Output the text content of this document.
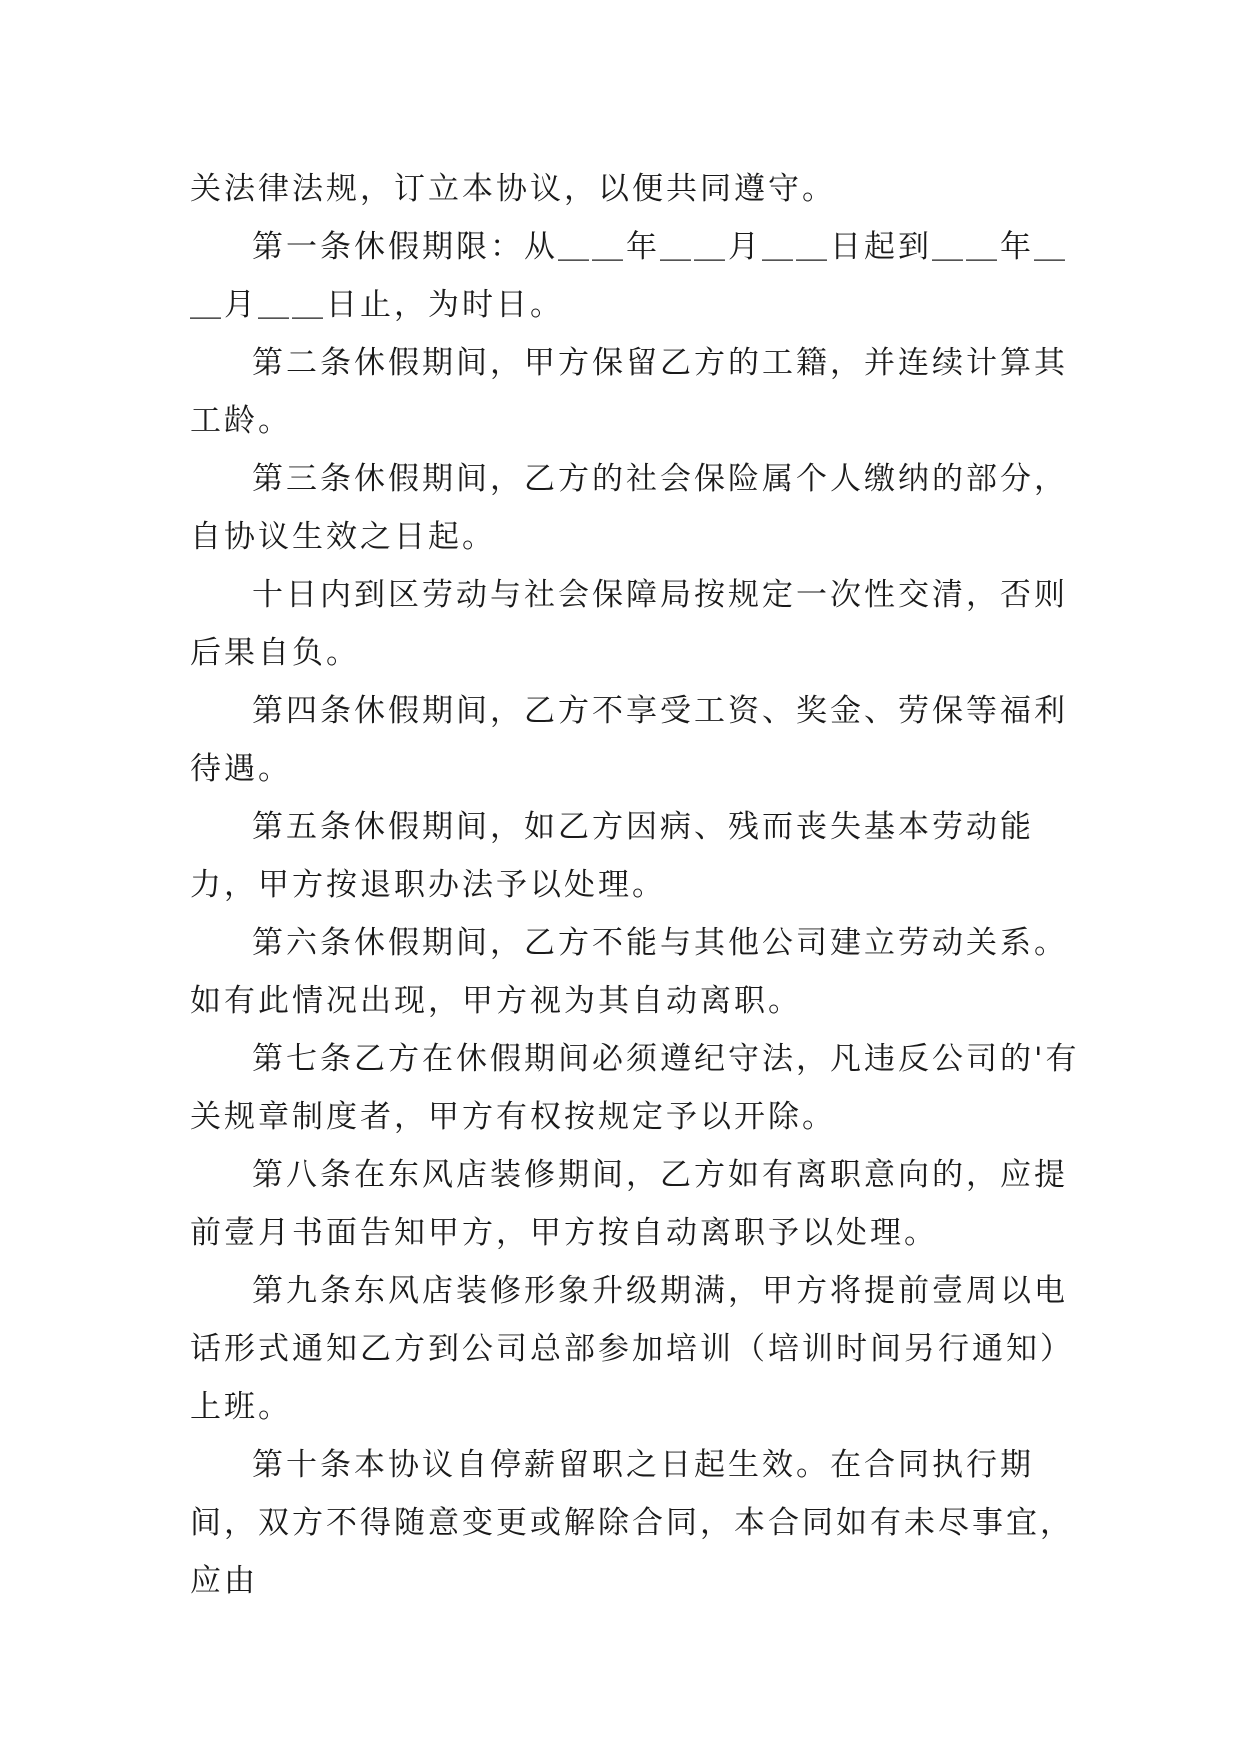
关法律法规，订立本协议，以便共同遵守。

第一条休假期限：从＿＿年＿＿月＿＿日起到＿＿年＿＿月＿＿日止，为时日。

第二条休假期间，甲方保留乙方的工籍，并连续计算其工龄。

第三条休假期间，乙方的社会保险属个人缴纳的部分，自协议生效之日起。

十日内到区劳动与社会保障局按规定一次性交清，否则后果自负。

第四条休假期间，乙方不享受工资、奖金、劳保等福利待遇。

第五条休假期间，如乙方因病、残而丧失基本劳动能力，甲方按退职办法予以处理。

第六条休假期间，乙方不能与其他公司建立劳动关系。如有此情况出现，甲方视为其自动离职。

第七条乙方在休假期间必须遵纪守法，凡违反公司的'有关规章制度者，甲方有权按规定予以开除。

第八条在东风店装修期间，乙方如有离职意向的，应提前壹月书面告知甲方，甲方按自动离职予以处理。

第九条东风店装修形象升级期满，甲方将提前壹周以电话形式通知乙方到公司总部参加培训（培训时间另行通知）上班。

第十条本协议自停薪留职之日起生效。在合同执行期间，双方不得随意变更或解除合同，本合同如有未尽事宜，应由
